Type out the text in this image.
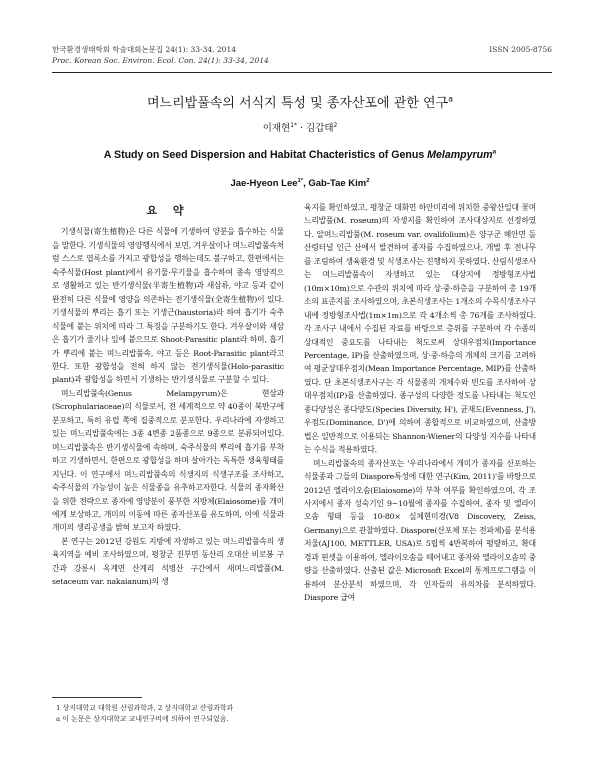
한국환경생태학회 학술대회논문집 24(1): 33-34, 2014
Proc. Korean Soc. Environ. Ecol. Con. 24(1): 33-34, 2014
ISSN 2005-8756
며느리밥풀속의 서식지 특성 및 종자산포에 관한 연구$^a$
이재현$^{1*}$ · 김갑태$^2$
A Study on Seed Dispersion and Habitat Chacteristics of Genus Melampyrum$^a$
Jae-Hyeon Lee$^{1*}$, Gab-Tae Kim$^2$
요 약

기생식물(寄生植物)은 다른 식물에 기생하여 양분을 흡수하는 식물을 말한다. 기생식물의 영양행식에서 보면, 겨우살이나 며느리밥풀속처럼 스스로 엽록소를 가지고 광합성을 행하는데도 불구하고, 한편에서는 숙주식물(Host plant)에서 유기물·무기물을 흡수하여 종속 영양적으로 생활하고 있는 반기생식물(半寄生植物)과 새삼류, 야고 등과 같이 완전히 다른 식물에 영양을 의존하는 전기생식물(全寄生植物)이 있다. 기생식물의 뿌리는 흡기 또는 기생근(haustoria)라 하여 흡기가 숙주식물에 붙는 위치에 따라 그 특징을 구분하기도 한다. 겨우살이와 새삼은 흡기가 줄기나 잎에 붙으므로 Shoot-Parasitic plant라 하며, 흡기가 뿌리에 붙는 며느리밥풀속, 야고 등은 Root-Parasitic plant라고 한다. 또한 광합성을 전혀 하지 않는 전기생식물(Holo-parasitic plant)과 광합성을 하면서 기생하는 반기생식물로 구분할 수 있다.

며느리밥풀속(Genus Melampyrum)은 현삼과(Scrophulariaceae)의 식물로서, 전 세계적으로 약 40종이 북반구에 분포하고, 특히 유럽 쪽에 집중적으로 분포한다. 우리나라에 자생하고 있는 며느리밥풀속에는 3종 4변종 2품종으로 9종으로 분류되어있다. 며느리밥풀속은 반기생식물에 속하며, 숙주식물의 뿌리에 흡기를 부착하고 기생하면서, 한편으로 광합성을 하며 살아가는 독특한 생육형태를 지닌다. 이 연구에서 며느리밥풀속의 식생지의 식생구조를 조사하고, 숙주식물의 가능성이 높은 식물종을 유추하고자한다. 식물의 종자확산을 위한 전략으로 종자에 영양분이 풍부한 지방체(Elaiosome)를 개미에게 보상하고, 개미의 이동에 따른 종자산포를 유도하며, 이에 식물과 개미의 생리공생을 밝혀 보고자 하였다.

본 연구는 2012년 강원도 지방에 자생하고 있는 며느리밥풀속의 생육지역을 예비 조사하였으며, 평창군 진부면 동산리 오대산 비로봉 구간과 강릉시 옥계면 산계리 석병산 구간에서 새며느리밥풀(M. setaceum var. nakaianum)의 생

육지를 확인하였고, 평창군 대화면 하안미리에 위치한 중왕산일대 꽃며느리밥풀(M. roseum)의 자생지를 확인하여 조사대상지로 선정하였다. 알며느리밥풀(M. roseum var. ovalifolium)은 양구군 해안면 돌산령터널 인근 산에서 발견하여 종자를 수집하였으나, 개벌 후 전나무를 조림하여 생육환경 및 식생조사는 진행하지 못하였다. 산림식생조사는 며느리밥풀속이 자생하고 있는 대상지에 정방형조사법(10m×10m)으로 수관의 위치에 따라 상·중·하층을 구분하여 총 19개소의 표준지를 조사하였으며, 초본식생조사는 1개소의 수목식생조사구 내에 정방형조사법(1m×1m)으로 각 4개소씩 총 76개를 조사하였다. 각 조사구 내에서 수집된 자료를 바탕으로 층위를 구분하여 각 수종의 상대적인 중요도를 나타내는 척도로써 상대우점치(Importance Percentage, IP)를 산출하였으며, 상·중·하층의 개체의 크기를 고려하여 평균상대우점치(Mean Importance Percentage, MIP)를 산출하였다. 단 초본식생조사구는 각 식물종의 개체수와 빈도를 조사하여 상대우점치(IP)를 산출하였다. 종구성의 다양한 정도를 나타내는 척도인 종다양성은 종다양도(Species Diversity, H'), 균재도(Evenness, J'), 우점도(Dominance, D')에 의하여 종합적으로 비교하였으며, 산출방법은 일반적으로 이용되는 Shannon-Wiener의 다양성 지수를 나타내는 수식을 적용하였다.

며느리밥풀속의 종자산포는 '우리나라에서 개미가 종자를 산포하는 식물종과 그들의 Diaspore특성에 대한 연구(Kim, 2011)'를 바탕으로 2012년 엘라이오솜(Elaiosome)의 부착 여부를 확인하였으며, 각 조사지에서 종자 성숙기인 9~10월에 종자를 수집하여, 종자 및 엘라이오솜 형태 등을 10-80× 실체현미경(V8 Discovery, Zeiss, Germany)으로 관찰하였다. Diaspore(산포체 또는 전파체)를 분석용 저울(AJ100, METTLER, USA)로 5립씩 4반복하여 평량하고, 확대경과 핀셋을 이용하여, 엘라이오솜을 떼어내고 종자와 엘라이오솜의 중량을 산출하였다. 산출된 값은 Microsoft Excel의 통계프로그램을 이용하여 분산분석 하였으며, 각 인자들의 유의차를 분석하였다. Diaspore 급여

1 상지대학교 대학원 산림과학과, 2 상지대학교 산림과학과
a 이 논문은 상지대학교 교내연구비에 의하여 연구되었음.
